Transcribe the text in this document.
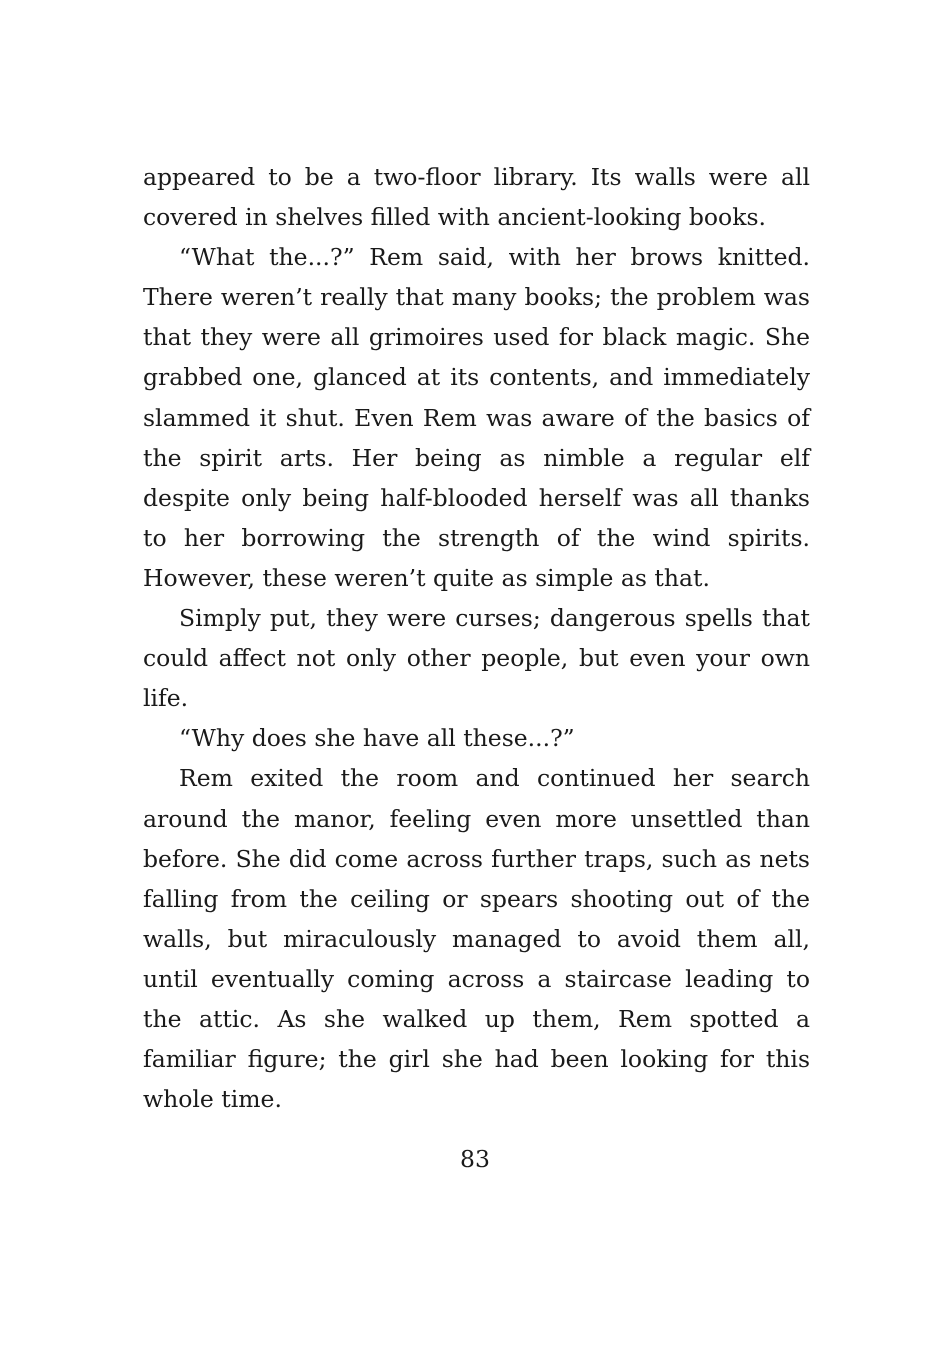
appeared to be a two-floor library. Its walls were all covered in shelves filled with ancient-looking books.

“What the...?” Rem said, with her brows knitted. There weren’t really that many books; the problem was that they were all grimoires used for black magic. She grabbed one, glanced at its contents, and immediately slammed it shut. Even Rem was aware of the basics of the spirit arts. Her being as nimble a regular elf despite only being half-blooded herself was all thanks to her borrowing the strength of the wind spirits. However, these weren’t quite as simple as that.

Simply put, they were curses; dangerous spells that could affect not only other people, but even your own life.

“Why does she have all these...?”

Rem exited the room and continued her search around the manor, feeling even more unsettled than before. She did come across further traps, such as nets falling from the ceiling or spears shooting out of the walls, but miraculously managed to avoid them all, until eventually coming across a staircase leading to the attic. As she walked up them, Rem spotted a familiar figure; the girl she had been looking for this whole time.

83
